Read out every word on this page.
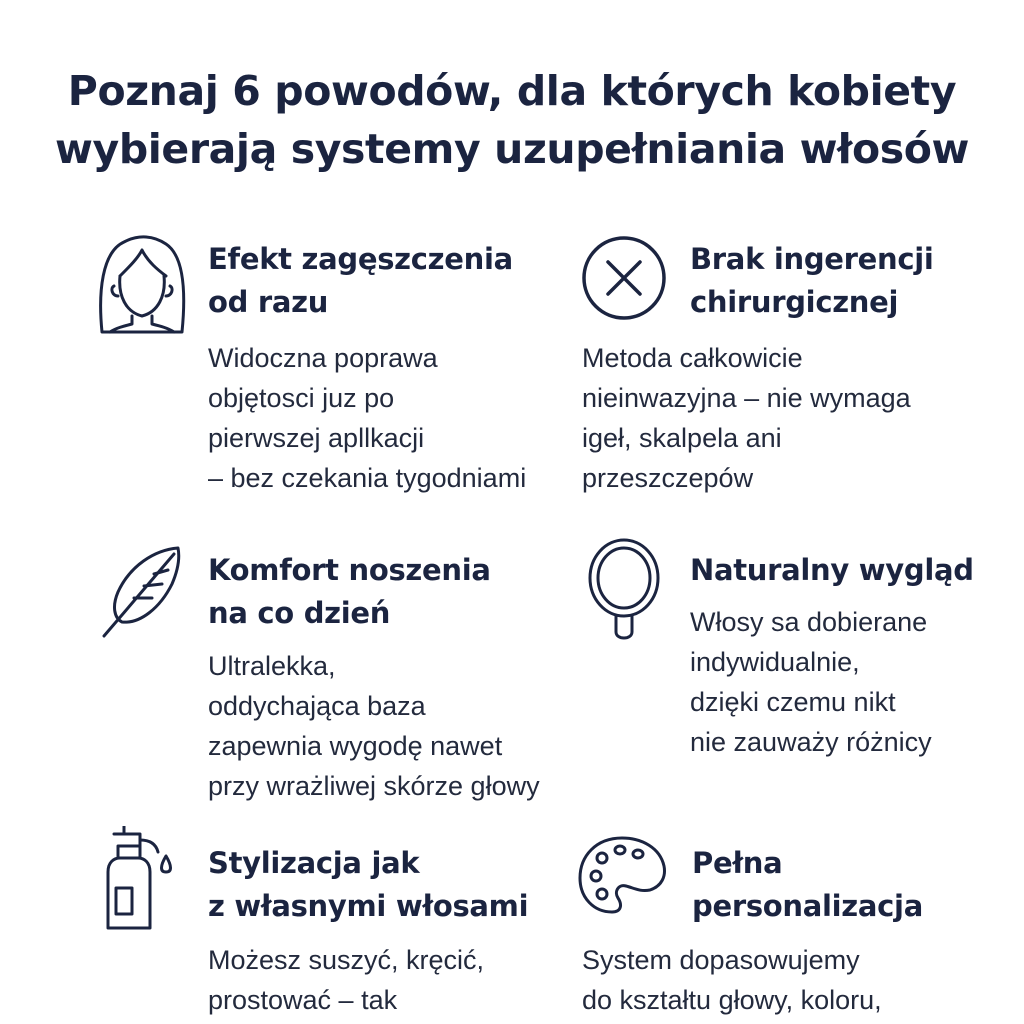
Poznaj 6 powodów, dla których kobiety
wybierają systemy uzupełniania włosów
Efekt zagęszczenia
od razu
Widoczna poprawa
objętosci juz po
pierwszej apllkacji
– bez czekania tygodniami
Brak ingerencji
chirurgicznej
Metoda całkowicie
nieinwazyjna – nie wymaga
igeł, skalpela ani
przeszczepów
Komfort noszenia
na co dzień
Ultralekka,
oddychająca baza
zapewnia wygodę nawet
przy wrażliwej skórze głowy
Naturalny wygląd
Włosy sa dobierane
indywidualnie,
dzięki czemu nikt
nie zauważy różnicy
Stylizacja jak
z własnymi włosami
Możesz suszyć, kręcić,
prostować – tak
Pełna
personalizacja
System dopasowujemy
do kształtu głowy, koloru,
